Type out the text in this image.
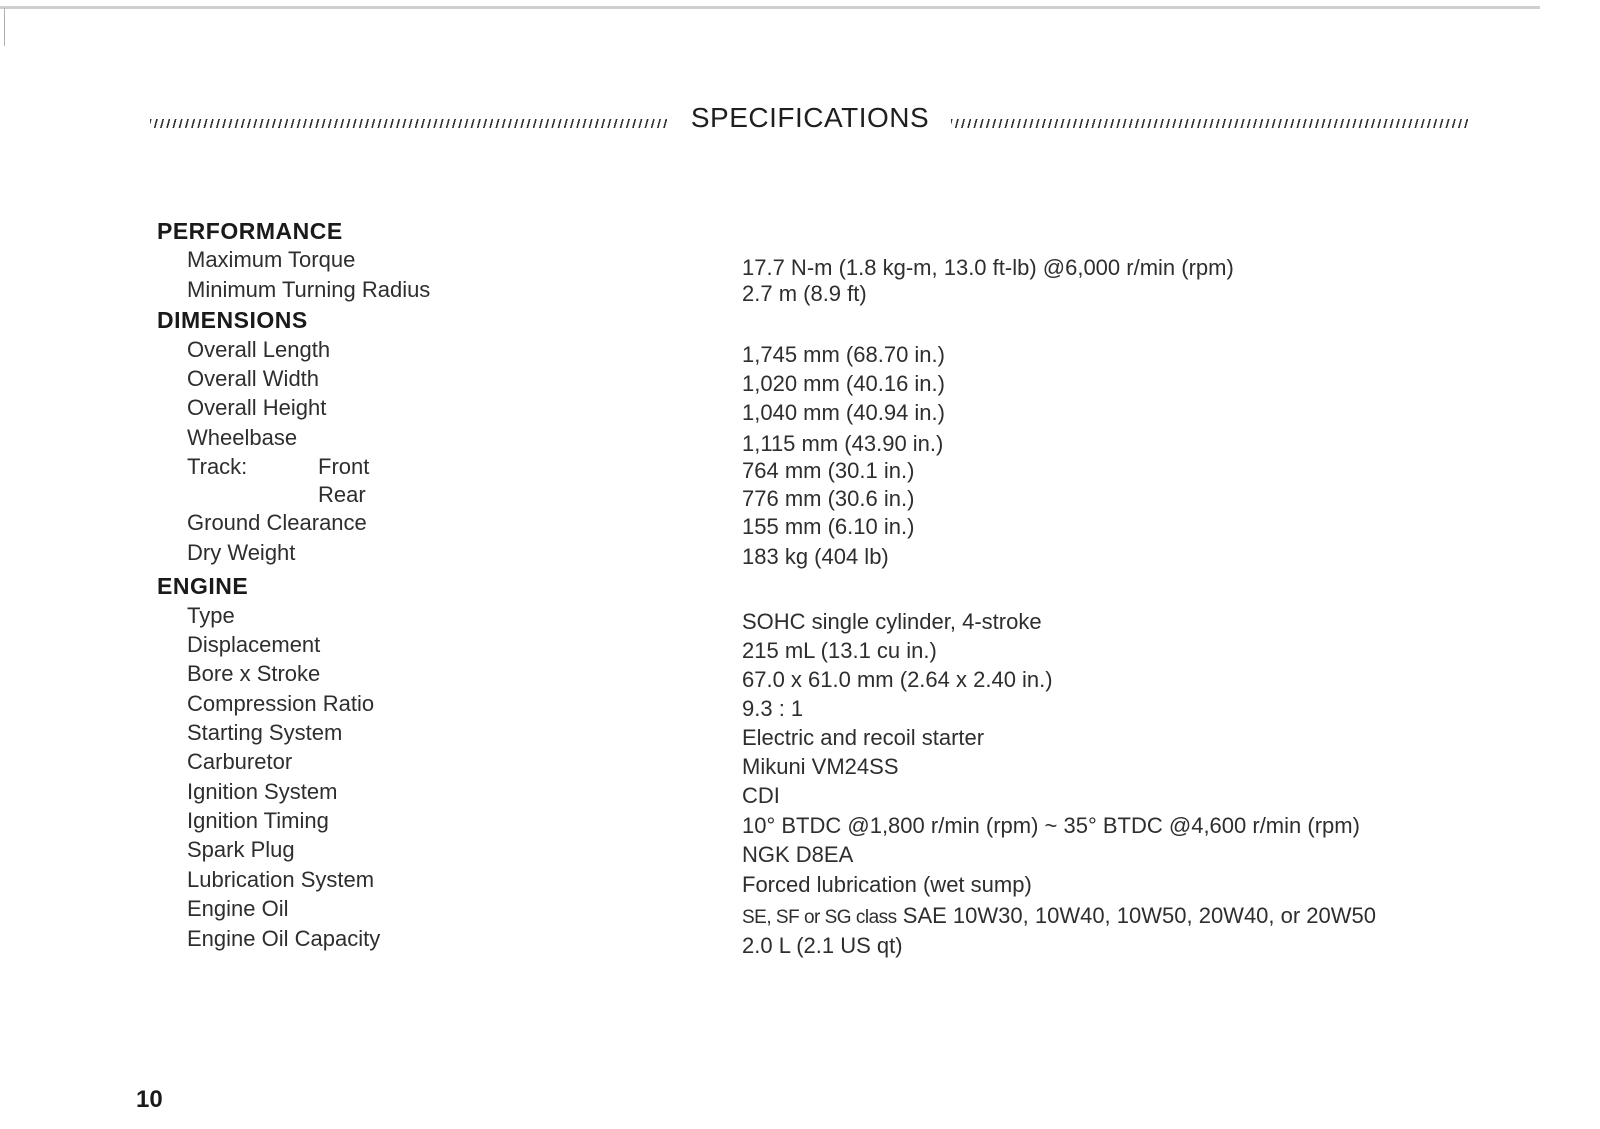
SPECIFICATIONS
PERFORMANCE
Maximum Torque	17.7 N-m (1.8 kg-m, 13.0 ft-lb) @6,000 r/min (rpm)
Minimum Turning Radius	2.7 m (8.9 ft)
DIMENSIONS
Overall Length	1,745 mm (68.70 in.)
Overall Width	1,020 mm (40.16 in.)
Overall Height	1,040 mm (40.94 in.)
Wheelbase	1,115 mm (43.90 in.)
Track:	Front	764 mm (30.1 in.)
Rear	776 mm (30.6 in.)
Ground Clearance	155 mm (6.10 in.)
Dry Weight	183 kg (404 lb)
ENGINE
Type	SOHC single cylinder, 4-stroke
Displacement	215 mL (13.1 cu in.)
Bore x Stroke	67.0 x 61.0 mm (2.64 x 2.40 in.)
Compression Ratio	9.3 : 1
Starting System	Electric and recoil starter
Carburetor	Mikuni VM24SS
Ignition System	CDI
Ignition Timing	10° BTDC @1,800 r/min (rpm) ~ 35° BTDC @4,600 r/min (rpm)
Spark Plug	NGK D8EA
Lubrication System	Forced lubrication (wet sump)
Engine Oil	SE, SF or SG class SAE 10W30, 10W40, 10W50, 20W40, or 20W50
Engine Oil Capacity	2.0 L (2.1 US qt)
10
